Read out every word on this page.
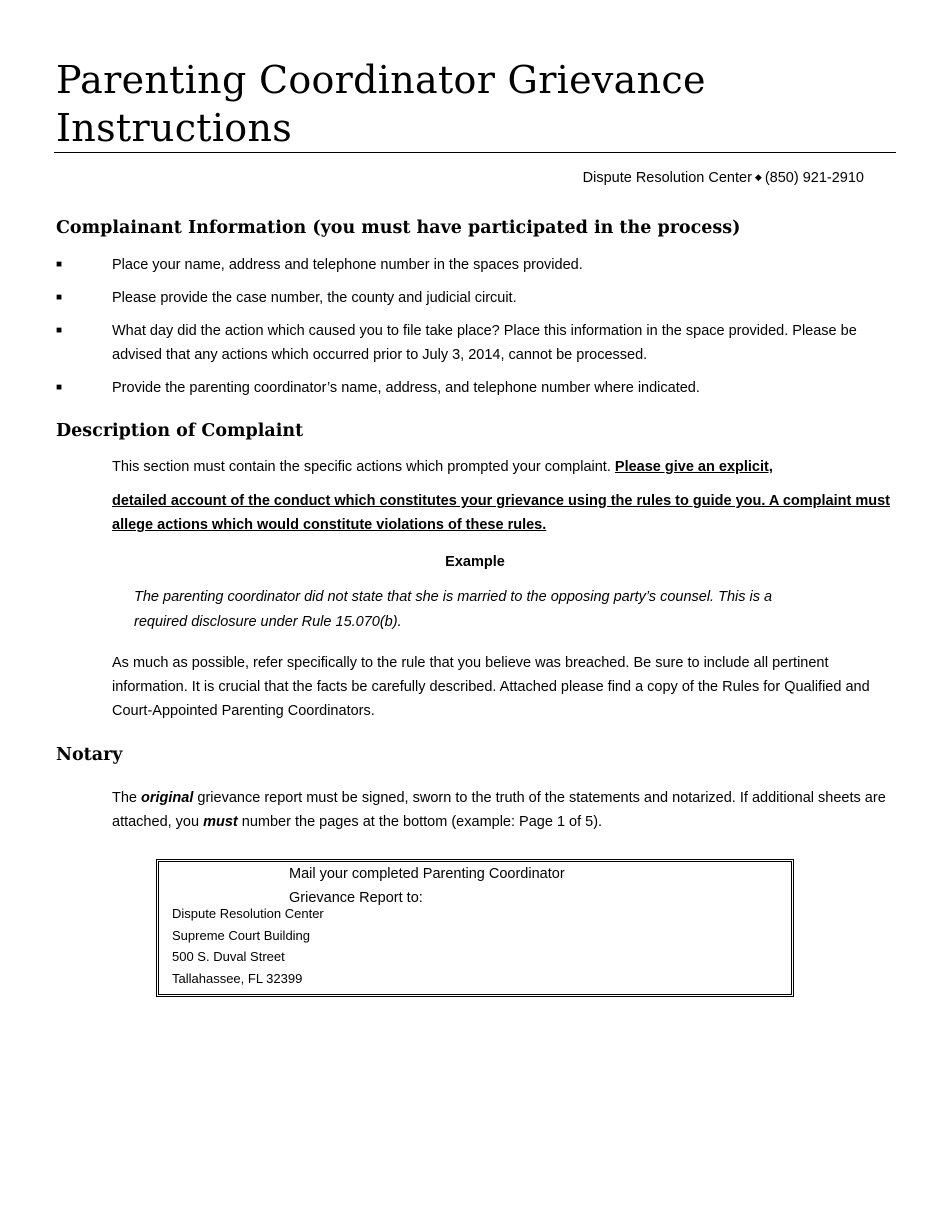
Parenting Coordinator Grievance
Instructions
Dispute Resolution Center ◆ (850) 921-2910
Complainant Information (you must have participated in the process)
■	Place your name, address and telephone number in the spaces provided.
■	Please provide the case number, the county and judicial circuit.
■	What day did the action which caused you to file take place? Place this information in the space provided. Please be advised that any actions which occurred prior to July 3, 2014, cannot be processed.
■	Provide the parenting coordinator’s name, address, and telephone number where indicated.
Description of Complaint
This section must contain the specific actions which prompted your complaint. Please give an explicit,
detailed account of the conduct which constitutes your grievance using the rules to guide you. A complaint must allege actions which would constitute violations of these rules.
Example
The parenting coordinator did not state that she is married to the opposing party’s counsel. This is a required disclosure under Rule 15.070(b).
As much as possible, refer specifically to the rule that you believe was breached. Be sure to include all pertinent information. It is crucial that the facts be carefully described. Attached please find a copy of the Rules for Qualified and Court-Appointed Parenting Coordinators.
Notary
The original grievance report must be signed, sworn to the truth of the statements and notarized. If additional sheets are attached, you must number the pages at the bottom (example: Page 1 of 5).
Mail your completed Parenting Coordinator
Grievance Report to:
Dispute Resolution Center
Supreme Court Building
500 S. Duval Street
Tallahassee, FL 32399
